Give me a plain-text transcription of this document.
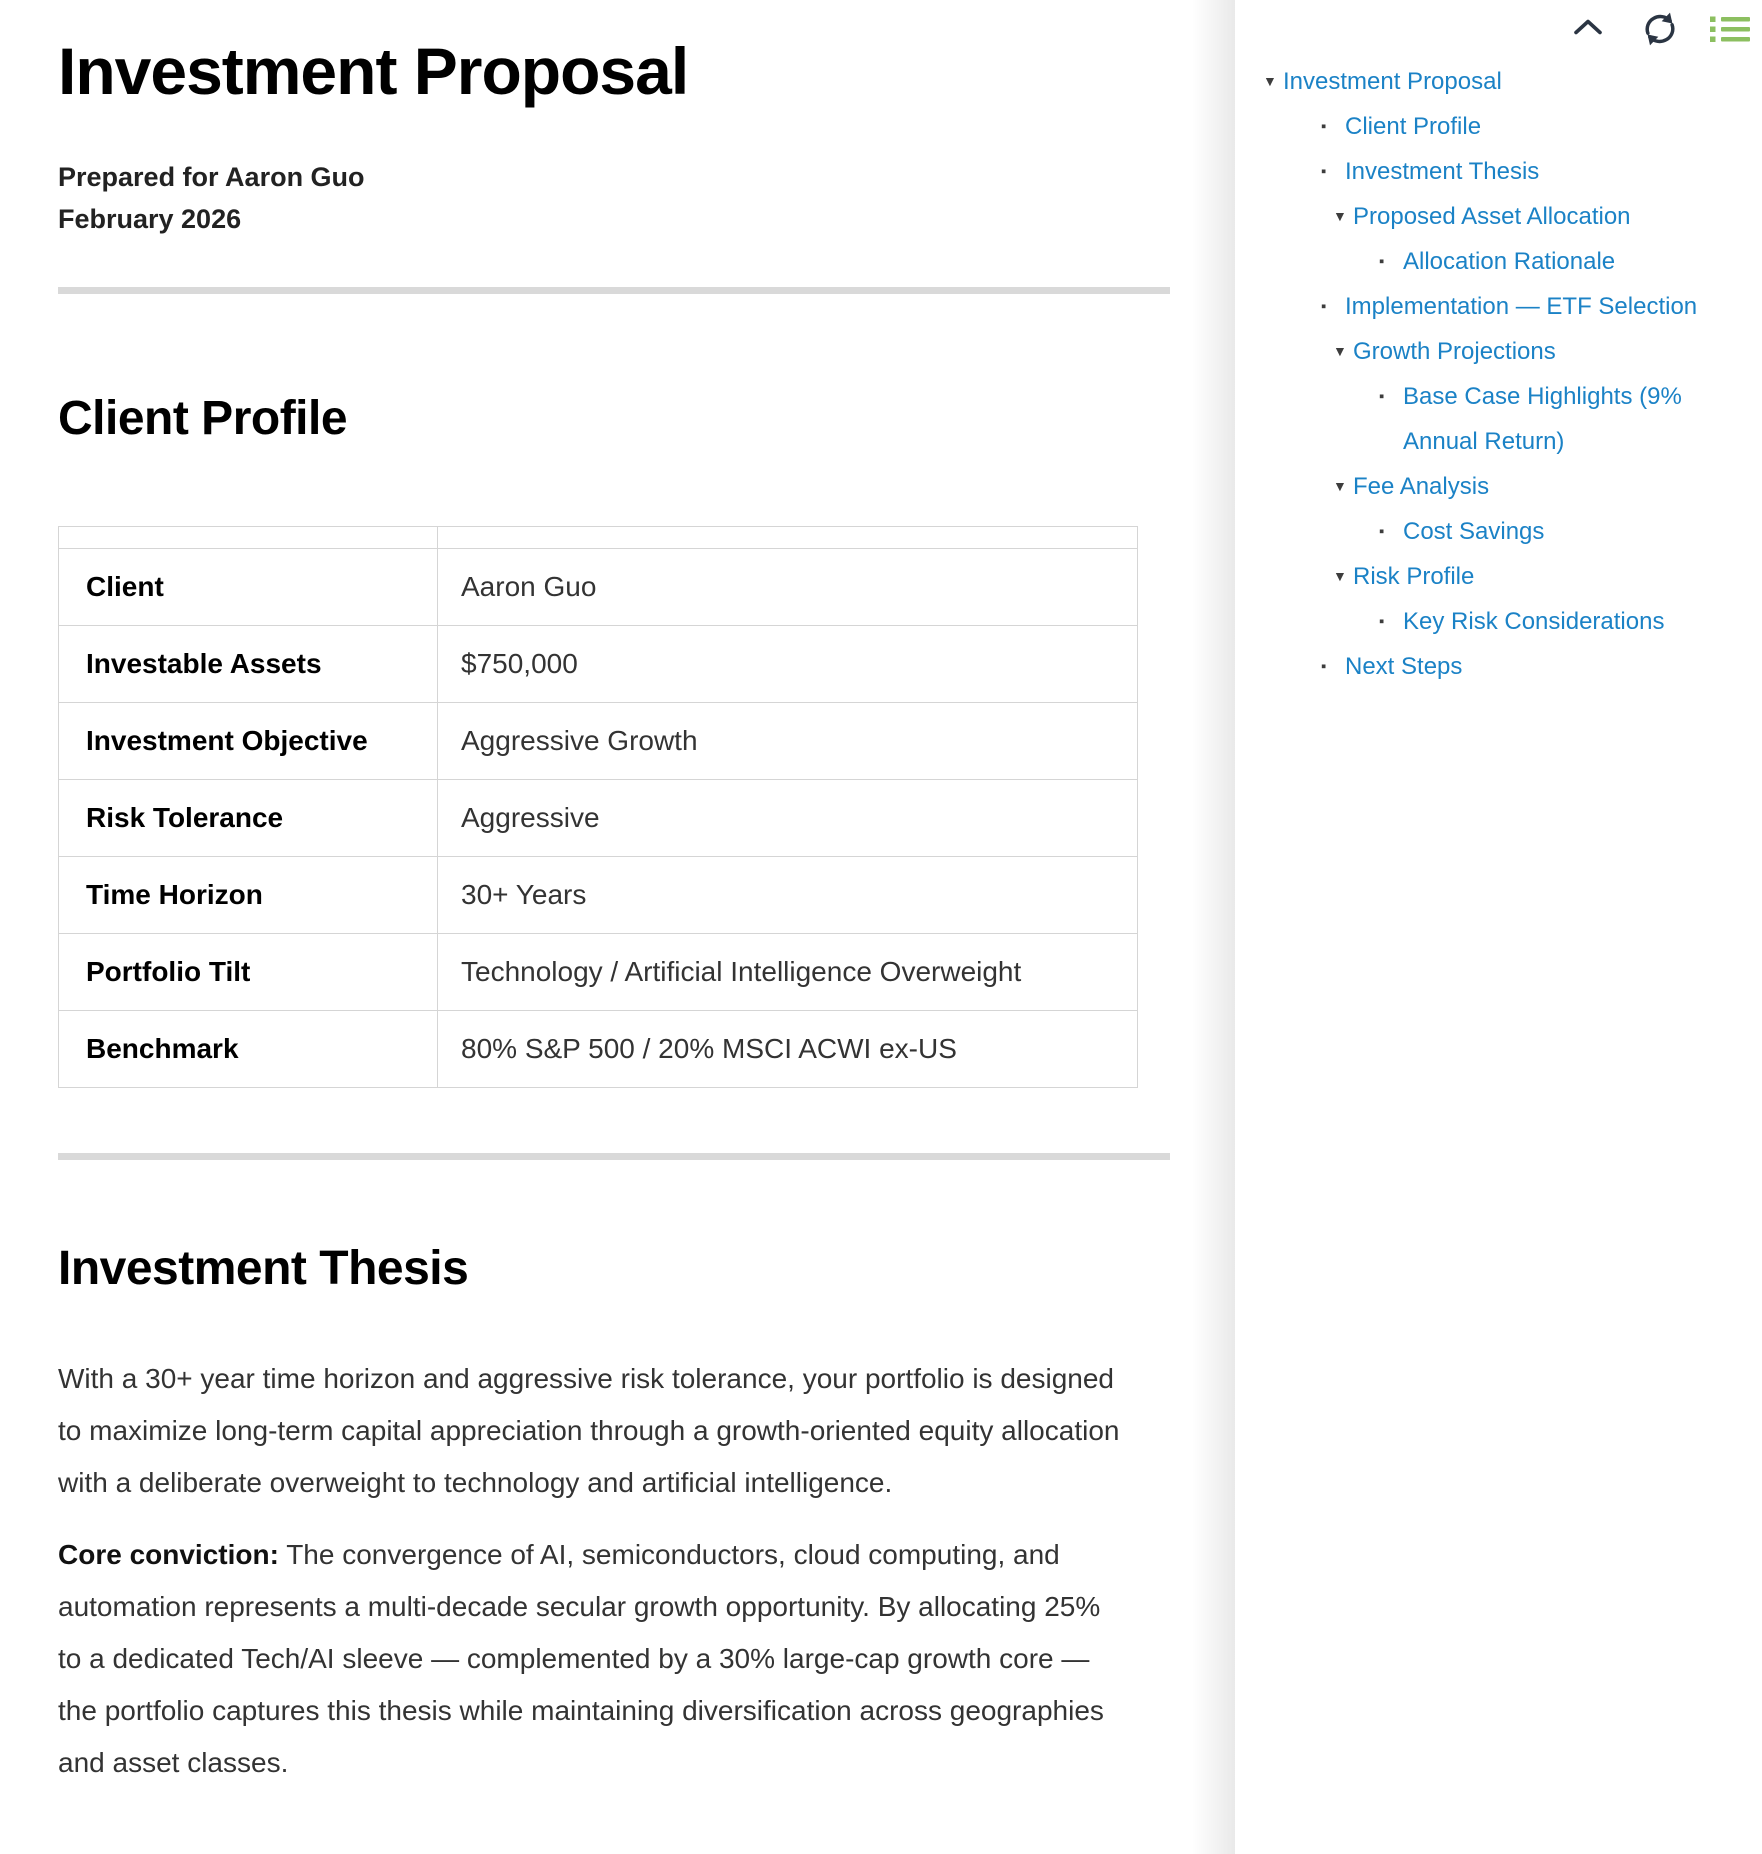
Investment Proposal
Prepared for Aaron Guo
February 2026
Client Profile

Client	Aaron Guo
Investable Assets	$750,000
Investment Objective	Aggressive Growth
Risk Tolerance	Aggressive
Time Horizon	30+ Years
Portfolio Tilt	Technology / Artificial Intelligence Overweight
Benchmark	80% S&P 500 / 20% MSCI ACWI ex-US
Investment Thesis

With a 30+ year time horizon and aggressive risk tolerance, your portfolio is designed to maximize long-term capital appreciation through a growth-oriented equity allocation with a deliberate overweight to technology and artificial intelligence.

Core conviction: The convergence of AI, semiconductors, cloud computing, and automation represents a multi-decade secular growth opportunity. By allocating 25% to a dedicated Tech/AI sleeve — complemented by a 30% large-cap growth core — the portfolio captures this thesis while maintaining diversification across geographies and asset classes.

▼ Investment Proposal
▪ Client Profile
▪ Investment Thesis
▼ Proposed Asset Allocation
▪ Allocation Rationale
▪ Implementation — ETF Selection
▼ Growth Projections
▪ Base Case Highlights (9% Annual Return)
▼ Fee Analysis
▪ Cost Savings
▼ Risk Profile
▪ Key Risk Considerations
▪ Next Steps
